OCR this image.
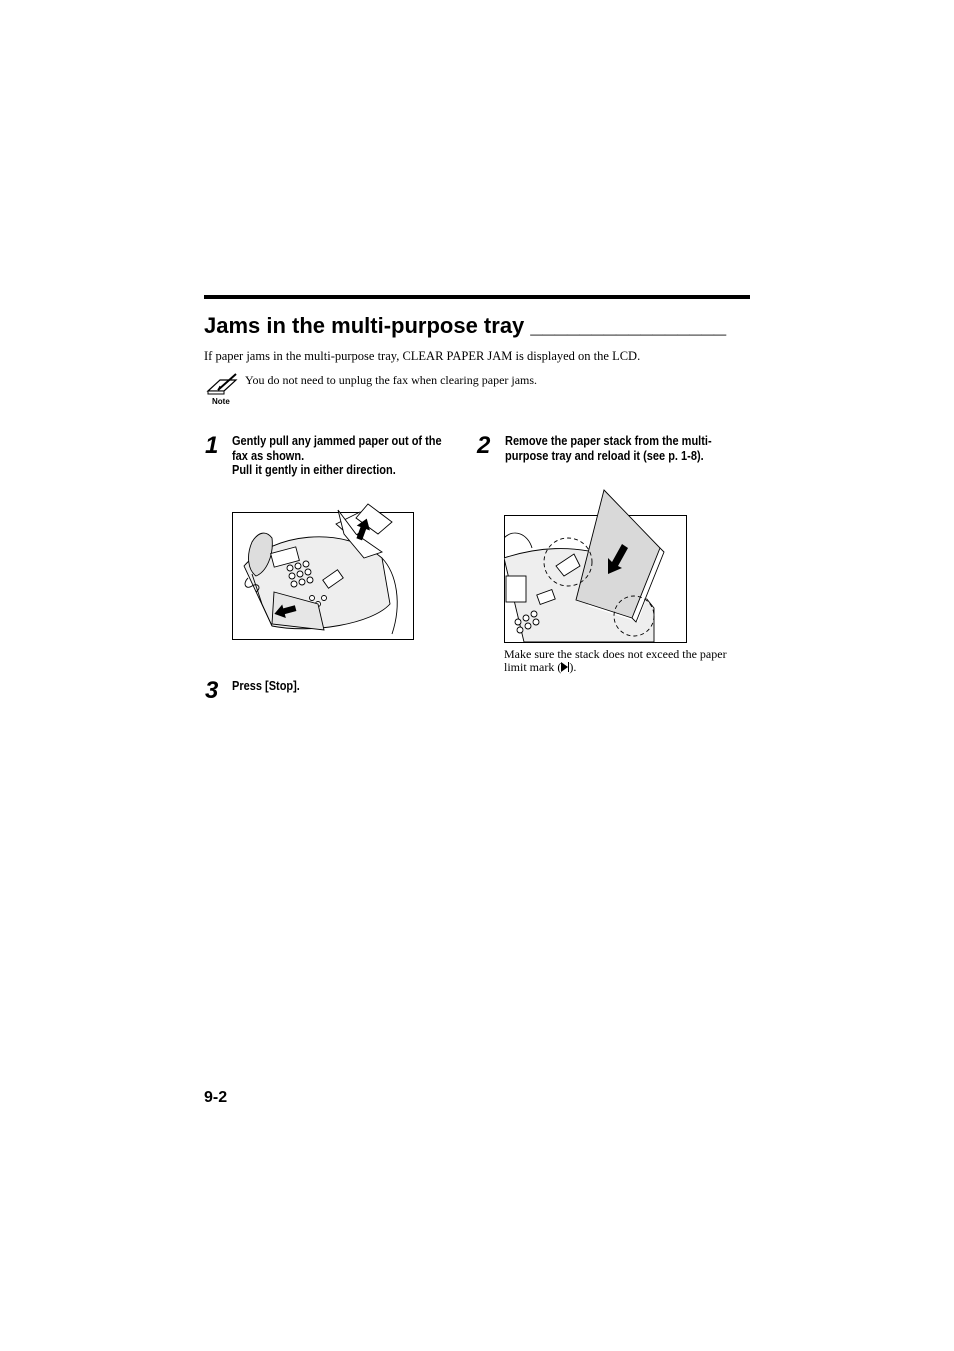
Jams in the multi-purpose tray ________________
If paper jams in the multi-purpose tray, CLEAR PAPER JAM is displayed on the LCD.
Note
You do not need to unplug the fax when clearing paper jams.
1 Gently pull any jammed paper out of the
fax as shown.
Pull it gently in either direction.
2 Remove the paper stack from the multi-
purpose tray and reload it (see p. 1-8).
Make sure the stack does not exceed the paper limit mark ( ).
3 Press [Stop].
9-2
